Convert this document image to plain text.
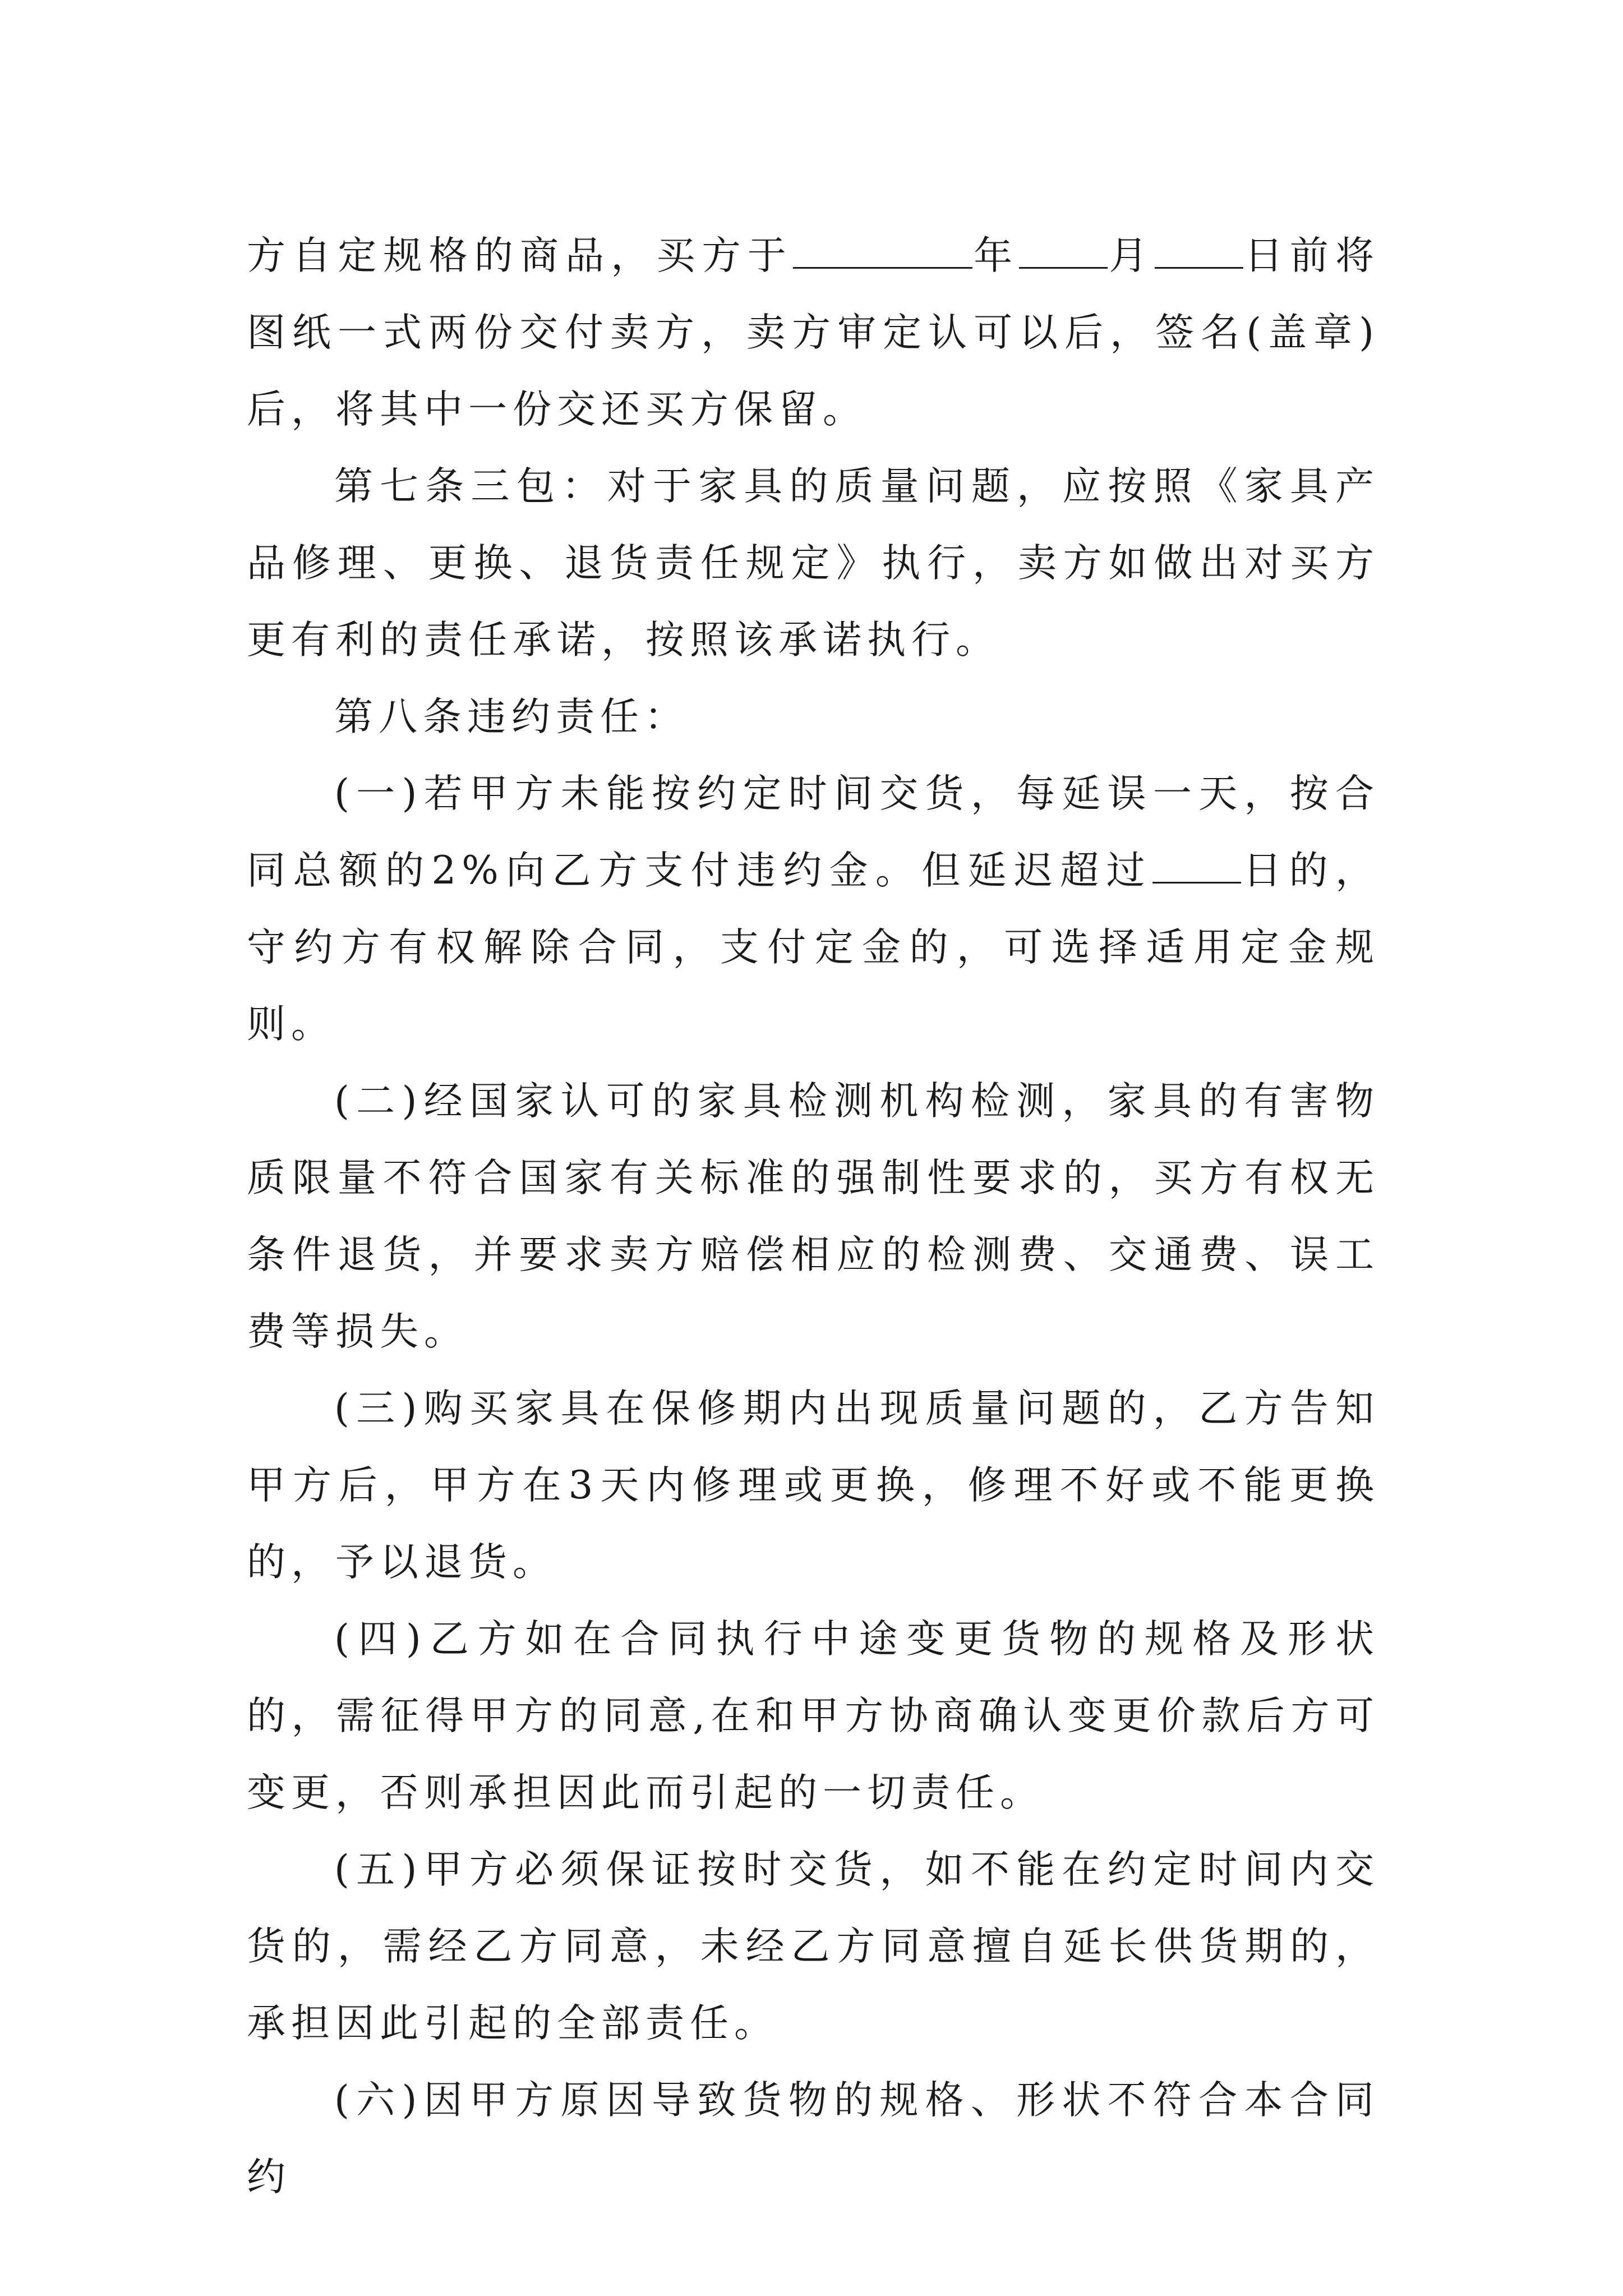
方自定规格的商品，买方于	年 月 日前将图纸一式两份交付卖方，卖方审定认可以后，签名(盖章)后，将其中一份交还买方保留。

第七条三包：对于家具的质量问题，应按照《家具产品修理、更换、退货责任规定》执行，卖方如做出对买方更有利的责任承诺，按照该承诺执行。

第八条违约责任：

(一)若甲方未能按约定时间交货，每延误一天，按合同总额的2%向乙方支付违约金。但延迟超过 日的，守约方有权解除合同，支付定金的，可选择适用定金规则。

(二)经国家认可的家具检测机构检测，家具的有害物质限量不符合国家有关标准的强制性要求的，买方有权无条件退货，并要求卖方赔偿相应的检测费、交通费、误工费等损失。

(三)购买家具在保修期内出现质量问题的，乙方告知甲方后，甲方在3天内修理或更换，修理不好或不能更换的，予以退货。

(四)乙方如在合同执行中途变更货物的规格及形状的，需征得甲方的同意,在和甲方协商确认变更价款后方可变更，否则承担因此而引起的一切责任。

(五)甲方必须保证按时交货，如不能在约定时间内交货的，需经乙方同意，未经乙方同意擅自延长供货期的，承担因此引起的全部责任。

(六)因甲方原因导致货物的规格、形状不符合本合同约
